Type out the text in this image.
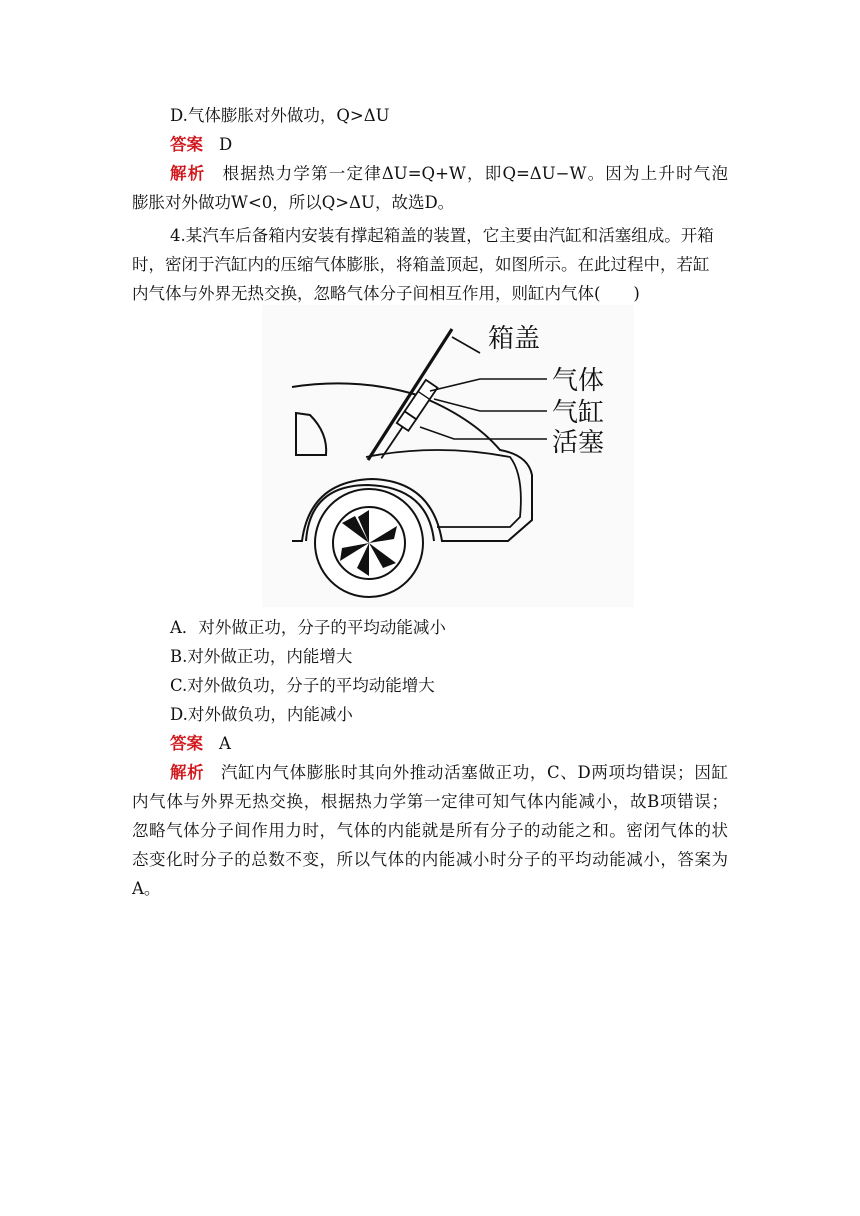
D.气体膨胀对外做功，Q>ΔU
答案 D
解析 根据热力学第一定律ΔU=Q+W，即Q=ΔU−W。因为上升时气泡
膨胀对外做功W<0，所以Q>ΔU，故选D。
4.某汽车后备箱内安装有撑起箱盖的装置，它主要由汽缸和活塞组成。开箱
时，密闭于汽缸内的压缩气体膨胀，将箱盖顶起，如图所示。在此过程中，若缸
内气体与外界无热交换，忽略气体分子间相互作用，则缸内气体(　　)
箱盖
气体
气缸
活塞
A．对外做正功，分子的平均动能减小
B.对外做正功，内能增大
C.对外做负功，分子的平均动能增大
D.对外做负功，内能减小
答案 A
解析 汽缸内气体膨胀时其向外推动活塞做正功，C、D两项均错误；因缸
内气体与外界无热交换，根据热力学第一定律可知气体内能减小，故B项错误；
忽略气体分子间作用力时，气体的内能就是所有分子的动能之和。密闭气体的状
态变化时分子的总数不变，所以气体的内能减小时分子的平均动能减小，答案为
A。
